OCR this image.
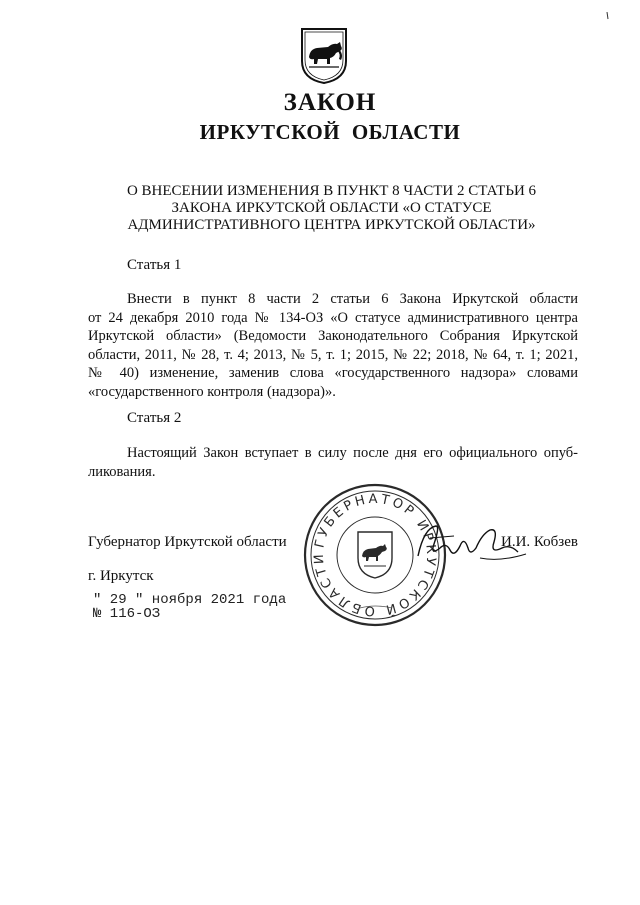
ЗАКОН
ИРКУТСКОЙ ОБЛАСТИ
О ВНЕСЕНИИ ИЗМЕНЕНИЯ В ПУНКТ 8 ЧАСТИ 2 СТАТЬИ 6
ЗАКОНА ИРКУТСКОЙ ОБЛАСТИ «О СТАТУСЕ
АДМИНИСТРАТИВНОГО ЦЕНТРА ИРКУТСКОЙ ОБЛАСТИ»
Статья 1

Внести в пункт 8 части 2 статьи 6 Закона Иркутской области
от 24 декабря 2010 года № 134-ОЗ «О статусе административного центра
Иркутской области» (Ведомости Законодательного Собрания Иркутской
области, 2011, № 28, т. 4; 2013, № 5, т. 1; 2015, № 22; 2018, № 64, т. 1; 2021,
№ 40) изменение, заменив слова «государственного надзора» словами
«государственного контроля (надзора)».

Статья 2

Настоящий Закон вступает в силу после дня его официального опуб-
ликования.

Губернатор Иркутской области	И.И. Кобзев
ГУБЕРНАТОР ИРКУТСКОЙ ОБЛАСТИ
г. Иркутск
" 29 " ноября 2021 года
№ 116-ОЗ
